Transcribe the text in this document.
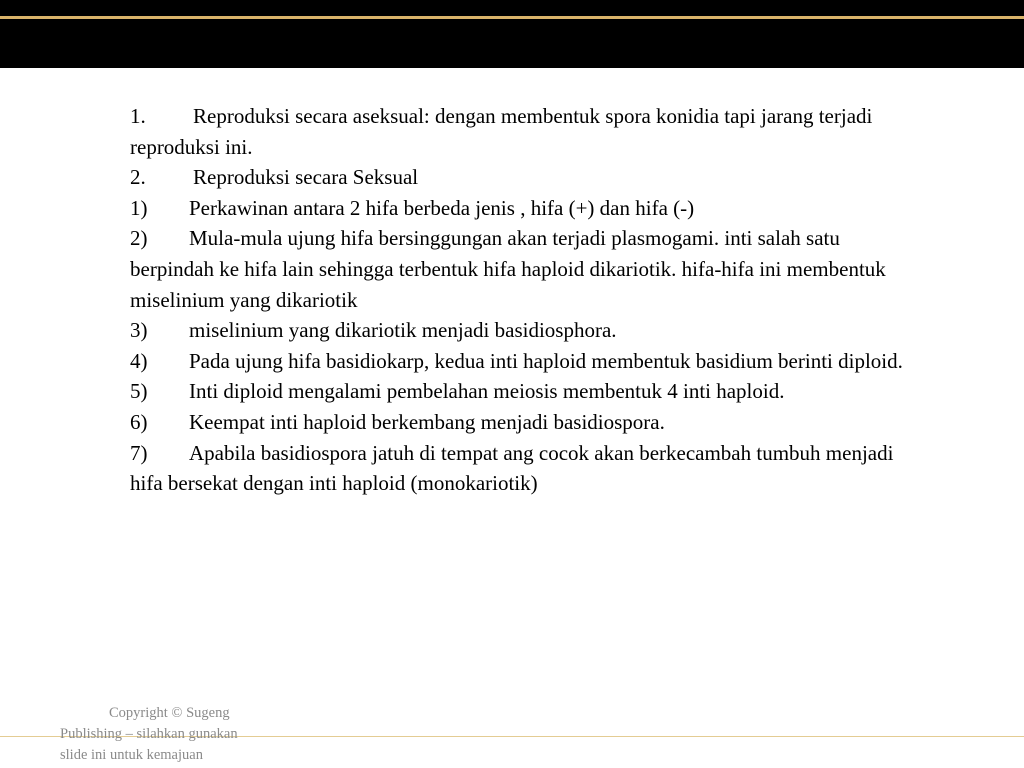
1. Reproduksi secara aseksual: dengan membentuk spora konidia tapi jarang terjadi reproduksi ini.

2. Reproduksi secara Seksual

1) Perkawinan antara 2 hifa berbeda jenis , hifa (+) dan hifa (-)

2) Mula-mula ujung hifa bersinggungan akan terjadi plasmogami. inti salah satu berpindah ke hifa lain sehingga terbentuk hifa haploid dikariotik. hifa-hifa ini membentuk miselinium yang dikariotik

3) miselinium yang dikariotik menjadi basidiosphora.

4) Pada ujung hifa basidiokarp, kedua inti haploid membentuk basidium berinti diploid.

5) Inti diploid mengalami pembelahan meiosis membentuk 4 inti haploid.

6) Keempat inti haploid berkembang menjadi basidiospora.

7) Apabila basidiospora jatuh di tempat ang cocok akan berkecambah tumbuh menjadi hifa bersekat dengan inti haploid (monokariotik)

Copyright © Sugeng
Publishing – silahkan gunakan
slide ini untuk kemajuan
